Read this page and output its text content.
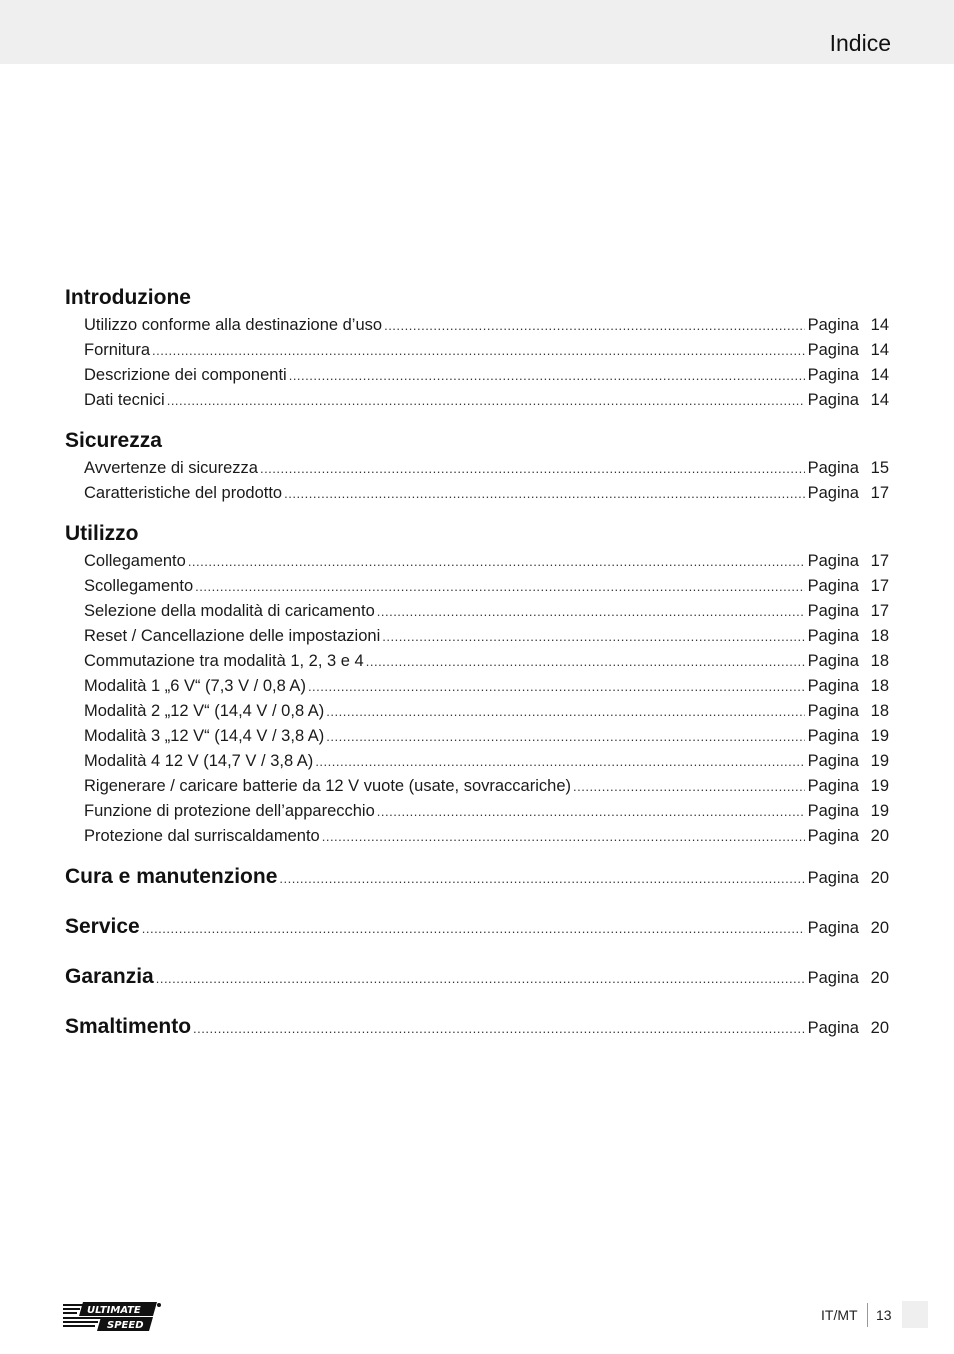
Indice
Introduzione
Utilizzo conforme alla destinazione d’uso .....	Pagina 14
Fornitura .....	Pagina 14
Descrizione dei componenti .....	Pagina 14
Dati tecnici .....	Pagina 14
Sicurezza
Avvertenze di sicurezza .....	Pagina 15
Caratteristiche del prodotto .....	Pagina 17
Utilizzo
Collegamento .....	Pagina 17
Scollegamento .....	Pagina 17
Selezione della modalità di caricamento .....	Pagina 17
Reset / Cancellazione delle impostazioni .....	Pagina 18
Commutazione tra modalità 1, 2, 3 e 4 .....	Pagina 18
Modalità 1 „6 V“ (7,3 V / 0,8 A) .....	Pagina 18
Modalità 2 „12 V“ (14,4 V / 0,8 A) .....	Pagina 18
Modalità 3 „12 V“ (14,4 V / 3,8 A) .....	Pagina 19
Modalità 4 12 V (14,7 V / 3,8 A) .....	Pagina 19
Rigenerare / caricare batterie da 12 V vuote (usate, sovraccariche) .....	Pagina 19
Funzione di protezione dell’apparecchio .....	Pagina 19
Protezione dal surriscaldamento .....	Pagina 20
Cura e manutenzione .....	Pagina 20
Service .....	Pagina 20
Garanzia .....	Pagina 20
Smaltimento .....	Pagina 20
ULTIMATE
SPEED
IT/MT 13
